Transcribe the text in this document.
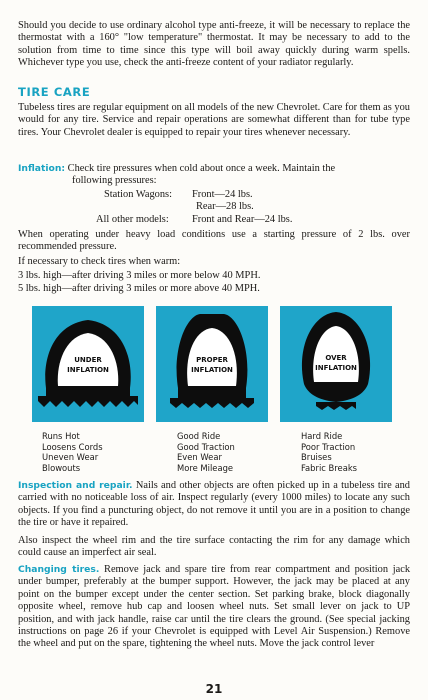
Should you decide to use ordinary alcohol type anti-freeze, it will be necessary to replace the thermostat with a 160° "low temperature" thermostat. It may be necessary to add to the solution from time to time since this type will boil away quickly during warm spells. Whichever type you use, check the anti-freeze content of your radiator regularly.

TIRE CARE

Tubeless tires are regular equipment on all models of the new Chevrolet. Care for them as you would for any tire. Service and repair operations are somewhat different than for tube type tires. Your Chevrolet dealer is equipped to repair your tires whenever necessary.

Inflation: Check tire pressures when cold about once a week. Maintain the
following pressures:
Station Wagons: Front—24 lbs.
Rear—28 lbs.
All other models: Front and Rear—24 lbs.

When operating under heavy load conditions use a starting pressure of 2 lbs. over recommended pressure.

If necessary to check tires when warm:
3 lbs. high—after driving 3 miles or more below 40 MPH.
5 lbs. high—after driving 3 miles or more above 40 MPH.
UNDER
INFLATION
PROPER
INFLATION
OVER
INFLATION
Runs Hot
Loosens Cords
Uneven Wear
Blowouts
Good Ride
Good Traction
Even Wear
More Mileage
Hard Ride
Poor Traction
Bruises
Fabric Breaks

Inspection and repair. Nails and other objects are often picked up in a tubeless tire and carried with no noticeable loss of air. Inspect regularly (every 1000 miles) to locate any such objects. If you find a puncturing object, do not remove it until you are in a position to change the tire or have it repaired.

Also inspect the wheel rim and the tire surface contacting the rim for any damage which could cause an imperfect air seal.

Changing tires. Remove jack and spare tire from rear compartment and position jack under bumper, preferably at the bumper support. However, the jack may be placed at any point on the bumper except under the center section. Set parking brake, block diagonally opposite wheel, remove hub cap and loosen wheel nuts. Set small lever on jack to UP position, and with jack handle, raise car until the tire clears the ground. (See special jacking instructions on page 26 if your Chevrolet is equipped with Level Air Suspension.) Remove the wheel and put on the spare, tightening the wheel nuts. Move the jack control lever

21
